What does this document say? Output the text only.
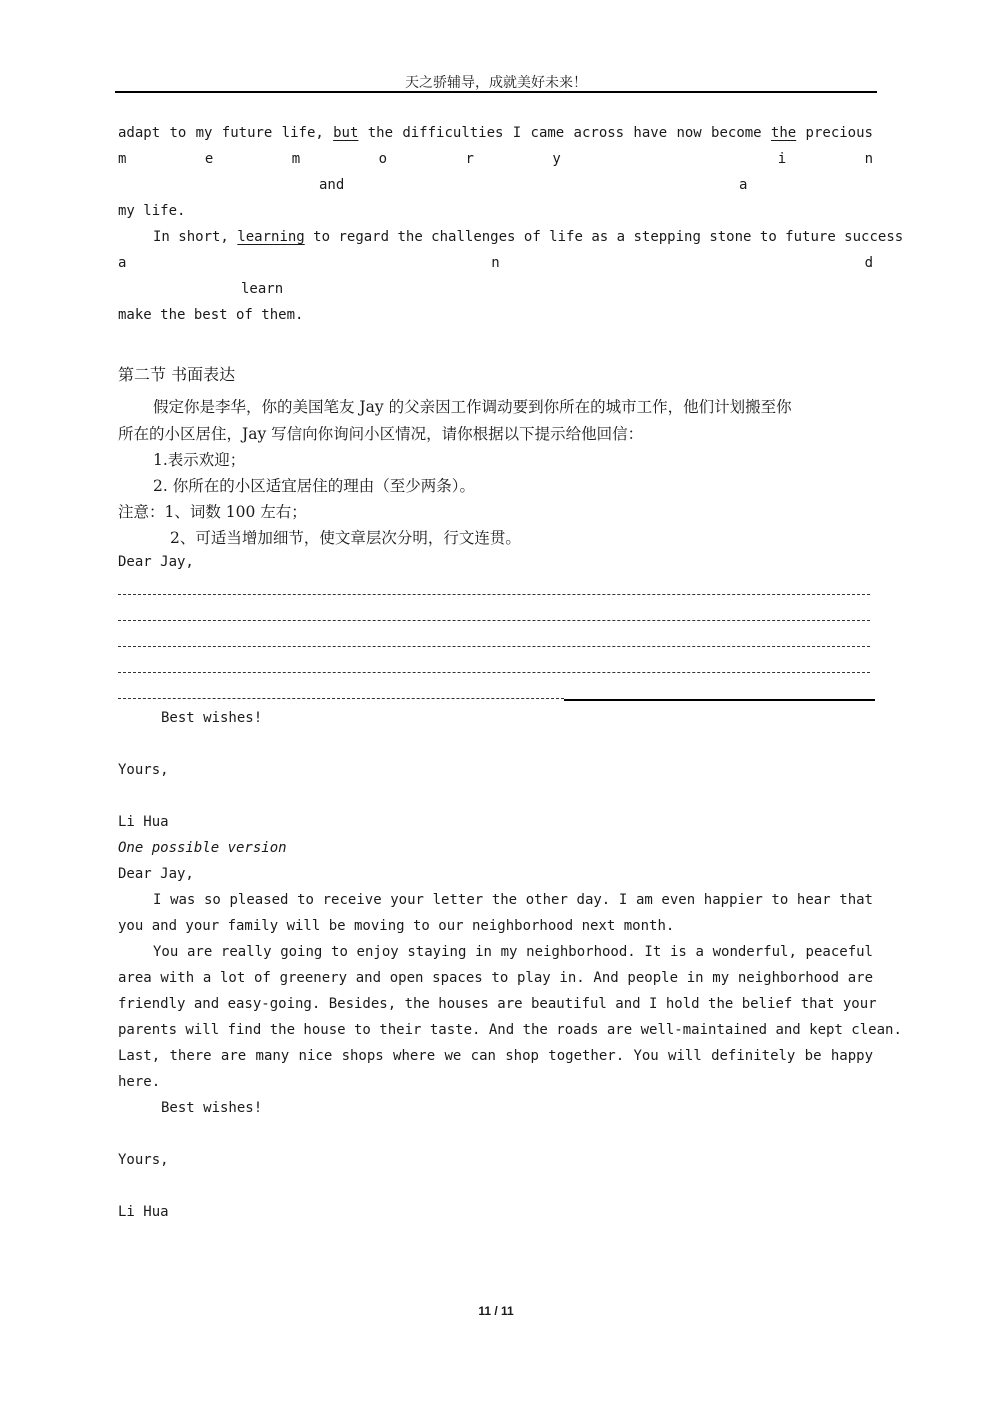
天之骄辅导，成就美好未来！

adapt to my future life, but the difficulties I came across have now become the precious

m	e	m	o	r	y	i	n

and	a

my life.

In short, learning to regard the challenges of life as a stepping stone to future success

a	n	d

learn

make the best of them.

第二节 书面表达

假定你是李华，你的美国笔友 Jay 的父亲因工作调动要到你所在的城市工作，他们计划搬至你

所在的小区居住，Jay 写信向你询问小区情况，请你根据以下提示给他回信：

1.表示欢迎；

2. 你所在的小区适宜居住的理由（至少两条）。

注意：1、词数 100 左右；

2、可适当增加细节，使文章层次分明，行文连贯。

Dear Jay,

Best wishes!

Yours,

Li Hua

One possible version

Dear Jay,

I was so pleased to receive your letter the other day. I am even happier to hear that

you and your family will be moving to our neighborhood next month.

You are really going to enjoy staying in my neighborhood. It is a wonderful, peaceful

area with a lot of greenery and open spaces to play in. And people in my neighborhood are

friendly and easy-going. Besides, the houses are beautiful and I hold the belief that your

parents will find the house to their taste. And the roads are well-maintained and kept clean.

Last, there are many nice shops where we can shop together. You will definitely be happy

here.

Best wishes!

Yours,

Li Hua

11 / 11
